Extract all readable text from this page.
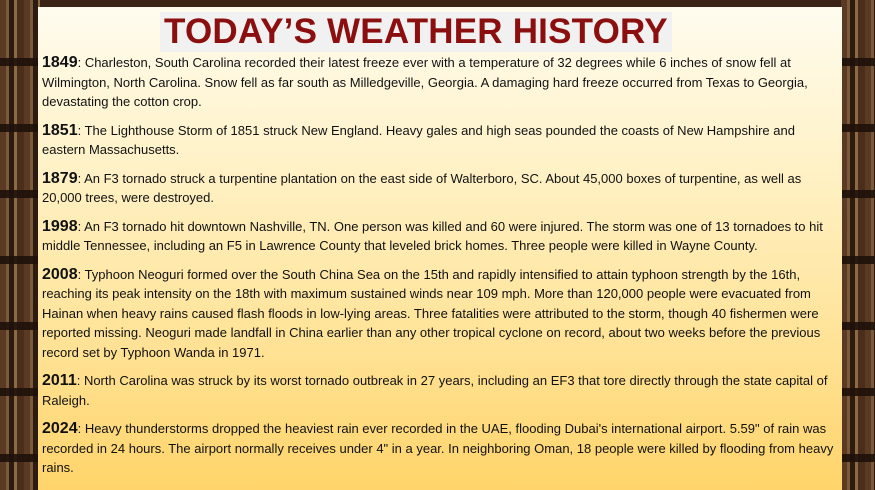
TODAY’S WEATHER HISTORY

1849: Charleston, South Carolina recorded their latest freeze ever with a temperature of 32 degrees while 6 inches of snow fell at Wilmington, North Carolina. Snow fell as far south as Milledgeville, Georgia. A damaging hard freeze occurred from Texas to Georgia, devastating the cotton crop.

1851: The Lighthouse Storm of 1851 struck New England. Heavy gales and high seas pounded the coasts of New Hampshire and eastern Massachusetts.

1879: An F3 tornado struck a turpentine plantation on the east side of Walterboro, SC. About 45,000 boxes of turpentine, as well as 20,000 trees, were destroyed.

1998: An F3 tornado hit downtown Nashville, TN. One person was killed and 60 were injured. The storm was one of 13 tornadoes to hit middle Tennessee, including an F5 in Lawrence County that leveled brick homes. Three people were killed in Wayne County.

2008: Typhoon Neoguri formed over the South China Sea on the 15th and rapidly intensified to attain typhoon strength by the 16th, reaching its peak intensity on the 18th with maximum sustained winds near 109 mph. More than 120,000 people were evacuated from Hainan when heavy rains caused flash floods in low-lying areas. Three fatalities were attributed to the storm, though 40 fishermen were reported missing. Neoguri made landfall in China earlier than any other tropical cyclone on record, about two weeks before the previous record set by Typhoon Wanda in 1971.

2011: North Carolina was struck by its worst tornado outbreak in 27 years, including an EF3 that tore directly through the state capital of Raleigh.

2024: Heavy thunderstorms dropped the heaviest rain ever recorded in the UAE, flooding Dubai's international airport. 5.59" of rain was recorded in 24 hours. The airport normally receives under 4" in a year. In neighboring Oman, 18 people were killed by flooding from heavy rains.
